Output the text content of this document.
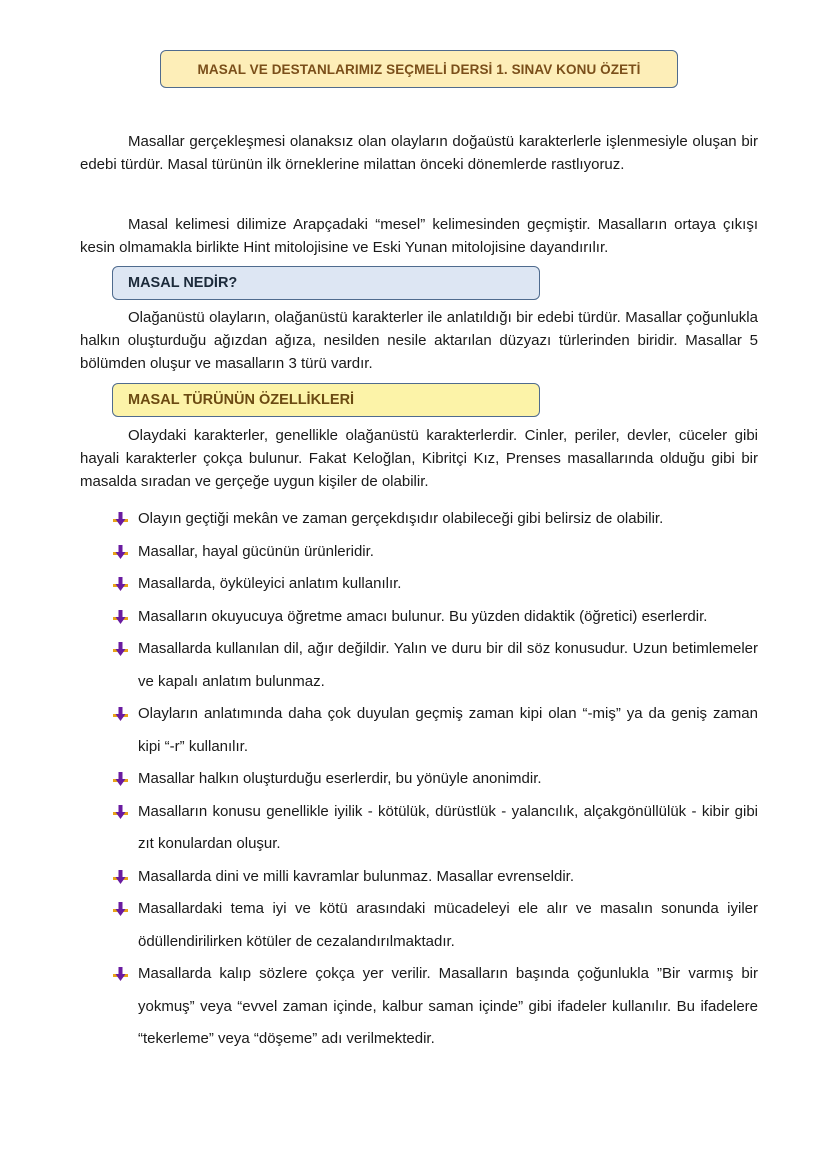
MASAL VE DESTANLARIMIZ SEÇMELİ DERSİ 1. SINAV KONU ÖZETİ

Masallar gerçekleşmesi olanaksız olan olayların doğaüstü karakterlerle işlenmesiyle oluşan bir edebi türdür. Masal türünün ilk örneklerine milattan önceki dönemlerde rastlıyoruz.

Masal kelimesi dilimize Arapçadaki “mesel” kelimesinden geçmiştir. Masalların ortaya çıkışı kesin olmamakla birlikte Hint mitolojisine ve Eski Yunan mitolojisine dayandırılır.

MASAL NEDİR?

Olağanüstü olayların, olağanüstü karakterler ile anlatıldığı bir edebi türdür. Masallar çoğunlukla halkın oluşturduğu ağızdan ağıza, nesilden nesile aktarılan düzyazı türlerinden biridir. Masallar 5 bölümden oluşur ve masalların 3 türü vardır.

MASAL TÜRÜNÜN ÖZELLİKLERİ

Olaydaki karakterler, genellikle olağanüstü karakterlerdir. Cinler, periler, devler, cüceler gibi hayali karakterler çokça bulunur. Fakat Keloğlan, Kibritçi Kız, Prenses masallarında olduğu gibi bir masalda sıradan ve gerçeğe uygun kişiler de olabilir.

Olayın geçtiği mekân ve zaman gerçekdışıdır olabileceği gibi belirsiz de olabilir.
Masallar, hayal gücünün ürünleridir.
Masallarda, öyküleyici anlatım kullanılır.
Masalların okuyucuya öğretme amacı bulunur. Bu yüzden didaktik (öğretici) eserlerdir.
Masallarda kullanılan dil, ağır değildir. Yalın ve duru bir dil söz konusudur. Uzun betimlemeler ve kapalı anlatım bulunmaz.
Olayların anlatımında daha çok duyulan geçmiş zaman kipi olan “-miş” ya da geniş zaman kipi “-r” kullanılır.
Masallar halkın oluşturduğu eserlerdir, bu yönüyle anonimdir.
Masalların konusu genellikle iyilik - kötülük, dürüstlük - yalancılık, alçakgönüllülük - kibir gibi zıt konulardan oluşur.
Masallarda dini ve milli kavramlar bulunmaz. Masallar evrenseldir.
Masallardaki tema iyi ve kötü arasındaki mücadeleyi ele alır ve masalın sonunda iyiler ödüllendirilirken kötüler de cezalandırılmaktadır.
Masallarda kalıp sözlere çokça yer verilir. Masalların başında çoğunlukla ”Bir varmış bir yokmuş” veya “evvel zaman içinde, kalbur saman içinde” gibi ifadeler kullanılır. Bu ifadelere “tekerleme” veya “döşeme” adı verilmektedir.
